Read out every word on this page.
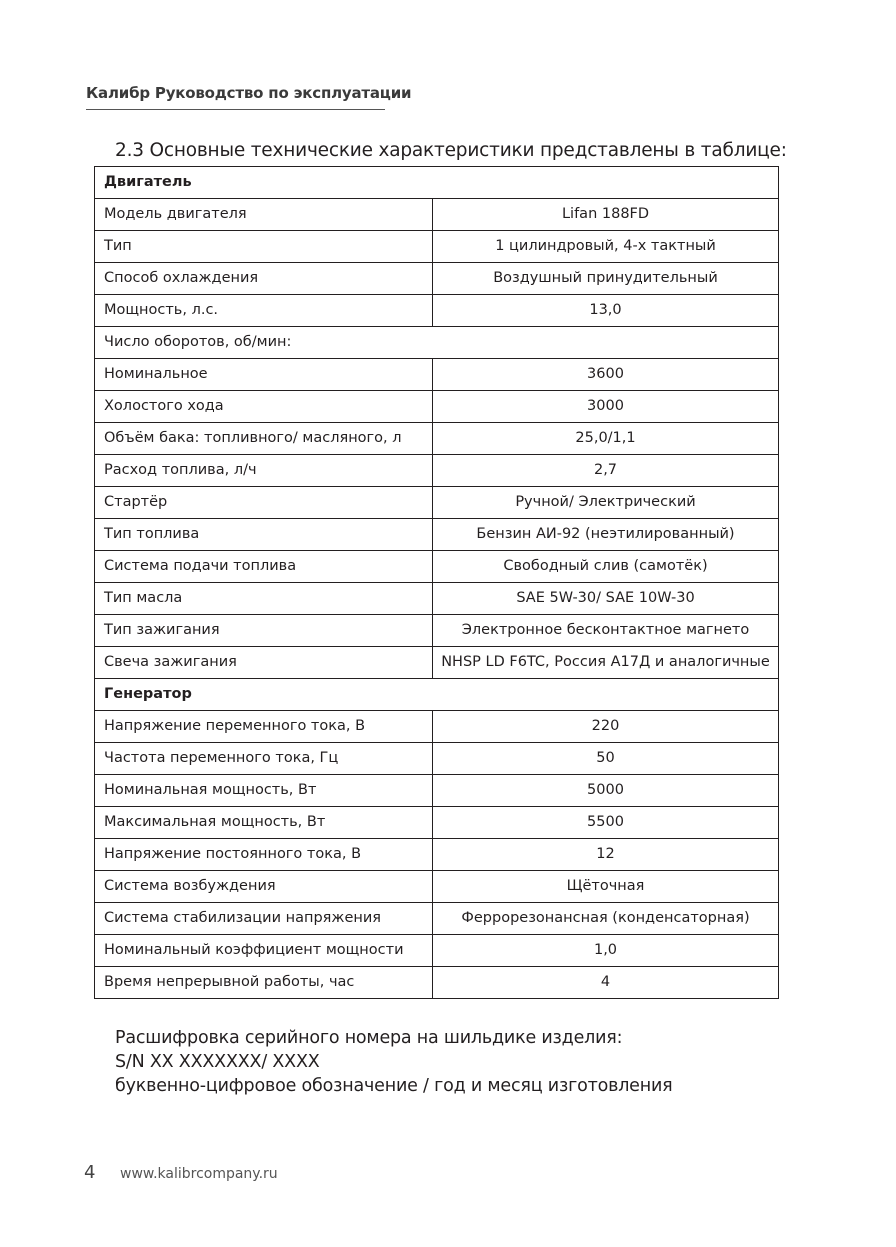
Калибр Руководство по эксплуатации
2.3 Основные технические характеристики представлены в таблице:
Двигатель	
Модель двигателя	Lifan 188FD
Тип	1 цилиндровый, 4-х тактный
Способ охлаждения	Воздушный принудительный
Мощность, л.с.	13,0
Число оборотов, об/мин:	
Номинальное	3600
Холостого хода	3000
Объём бака: топливного/ масляного, л	25,0/1,1
Расход топлива, л/ч	2,7
Стартёр	Ручной/ Электрический
Тип топлива	Бензин АИ-92 (неэтилированный)
Система подачи топлива	Свободный слив (самотёк)
Тип масла	SAE 5W-30/ SAE 10W-30
Тип зажигания	Электронное бесконтактное магнето
Свеча зажигания	NHSP LD F6TC, Россия А17Д и аналогичные
Генератор	
Напряжение переменного тока, В	220
Частота переменного тока, Гц	50
Номинальная мощность, Вт	5000
Максимальная мощность, Вт	5500
Напряжение постоянного тока, В	12
Система возбуждения	Щёточная
Система стабилизации напряжения	Феррорезонансная (конденсаторная)
Номинальный коэффициент мощности	1,0
Время непрерывной работы, час	4
Расшифровка серийного номера на шильдике изделия:
S/N XX XXXXXXX/ XXXX
буквенно-цифровое обозначение / год и месяц изготовления
4 www.kalibrcompany.ru
